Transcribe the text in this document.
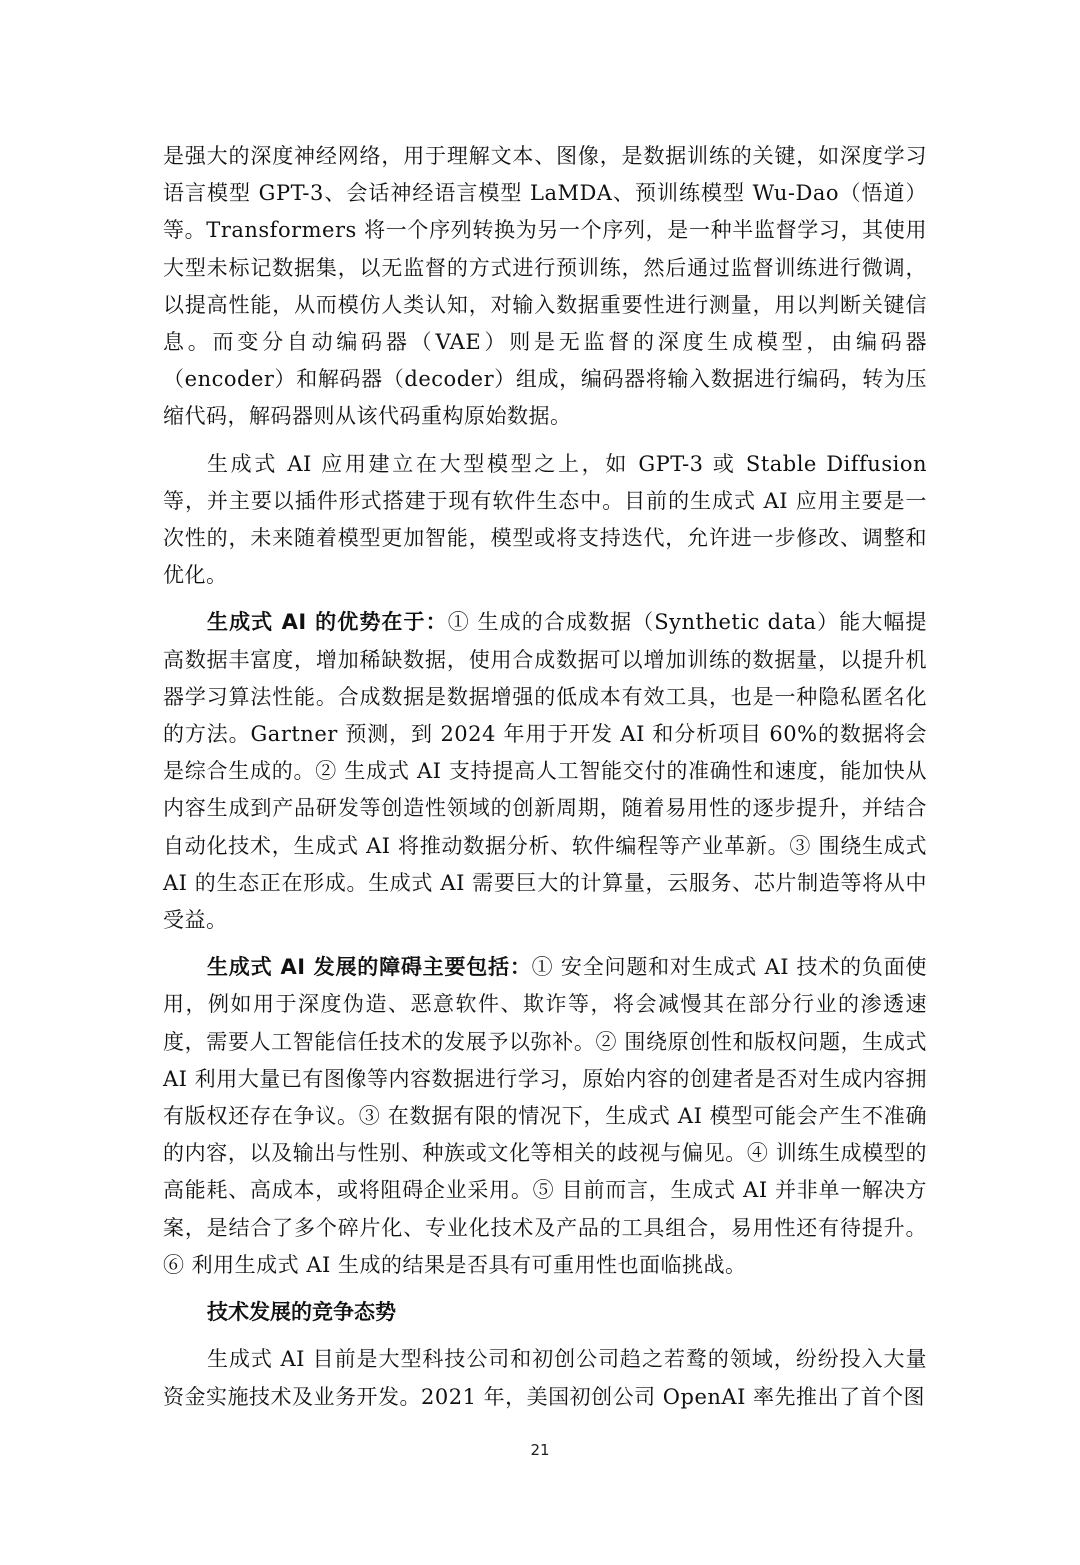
是强大的深度神经网络，用于理解文本、图像，是数据训练的关键，如深度学习语言模型 GPT-3、会话神经语言模型 LaMDA、预训练模型 Wu-Dao（悟道）等。Transformers 将一个序列转换为另一个序列，是一种半监督学习，其使用大型未标记数据集，以无监督的方式进行预训练，然后通过监督训练进行微调，以提高性能，从而模仿人类认知，对输入数据重要性进行测量，用以判断关键信息。而变分自动编码器（VAE）则是无监督的深度生成模型，由编码器（encoder）和解码器（decoder）组成，编码器将输入数据进行编码，转为压缩代码，解码器则从该代码重构原始数据。

生成式 AI 应用建立在大型模型之上，如 GPT-3 或 Stable Diffusion 等，并主要以插件形式搭建于现有软件生态中。目前的生成式 AI 应用主要是一次性的，未来随着模型更加智能，模型或将支持迭代，允许进一步修改、调整和优化。

生成式 AI 的优势在于：① 生成的合成数据（Synthetic data）能大幅提高数据丰富度，增加稀缺数据，使用合成数据可以增加训练的数据量，以提升机器学习算法性能。合成数据是数据增强的低成本有效工具，也是一种隐私匿名化的方法。Gartner 预测，到 2024 年用于开发 AI 和分析项目 60%的数据将会是综合生成的。② 生成式 AI 支持提高人工智能交付的准确性和速度，能加快从内容生成到产品研发等创造性领域的创新周期，随着易用性的逐步提升，并结合自动化技术，生成式 AI 将推动数据分析、软件编程等产业革新。③ 围绕生成式 AI 的生态正在形成。生成式 AI 需要巨大的计算量，云服务、芯片制造等将从中受益。

生成式 AI 发展的障碍主要包括：① 安全问题和对生成式 AI 技术的负面使用，例如用于深度伪造、恶意软件、欺诈等，将会减慢其在部分行业的渗透速度，需要人工智能信任技术的发展予以弥补。② 围绕原创性和版权问题，生成式 AI 利用大量已有图像等内容数据进行学习，原始内容的创建者是否对生成内容拥有版权还存在争议。③ 在数据有限的情况下，生成式 AI 模型可能会产生不准确的内容，以及输出与性别、种族或文化等相关的歧视与偏见。④ 训练生成模型的高能耗、高成本，或将阻碍企业采用。⑤ 目前而言，生成式 AI 并非单一解决方案，是结合了多个碎片化、专业化技术及产品的工具组合，易用性还有待提升。⑥ 利用生成式 AI 生成的结果是否具有可重用性也面临挑战。

技术发展的竞争态势

生成式 AI 目前是大型科技公司和初创公司趋之若鹜的领域，纷纷投入大量资金实施技术及业务开发。2021 年，美国初创公司 OpenAI 率先推出了首个图

21
